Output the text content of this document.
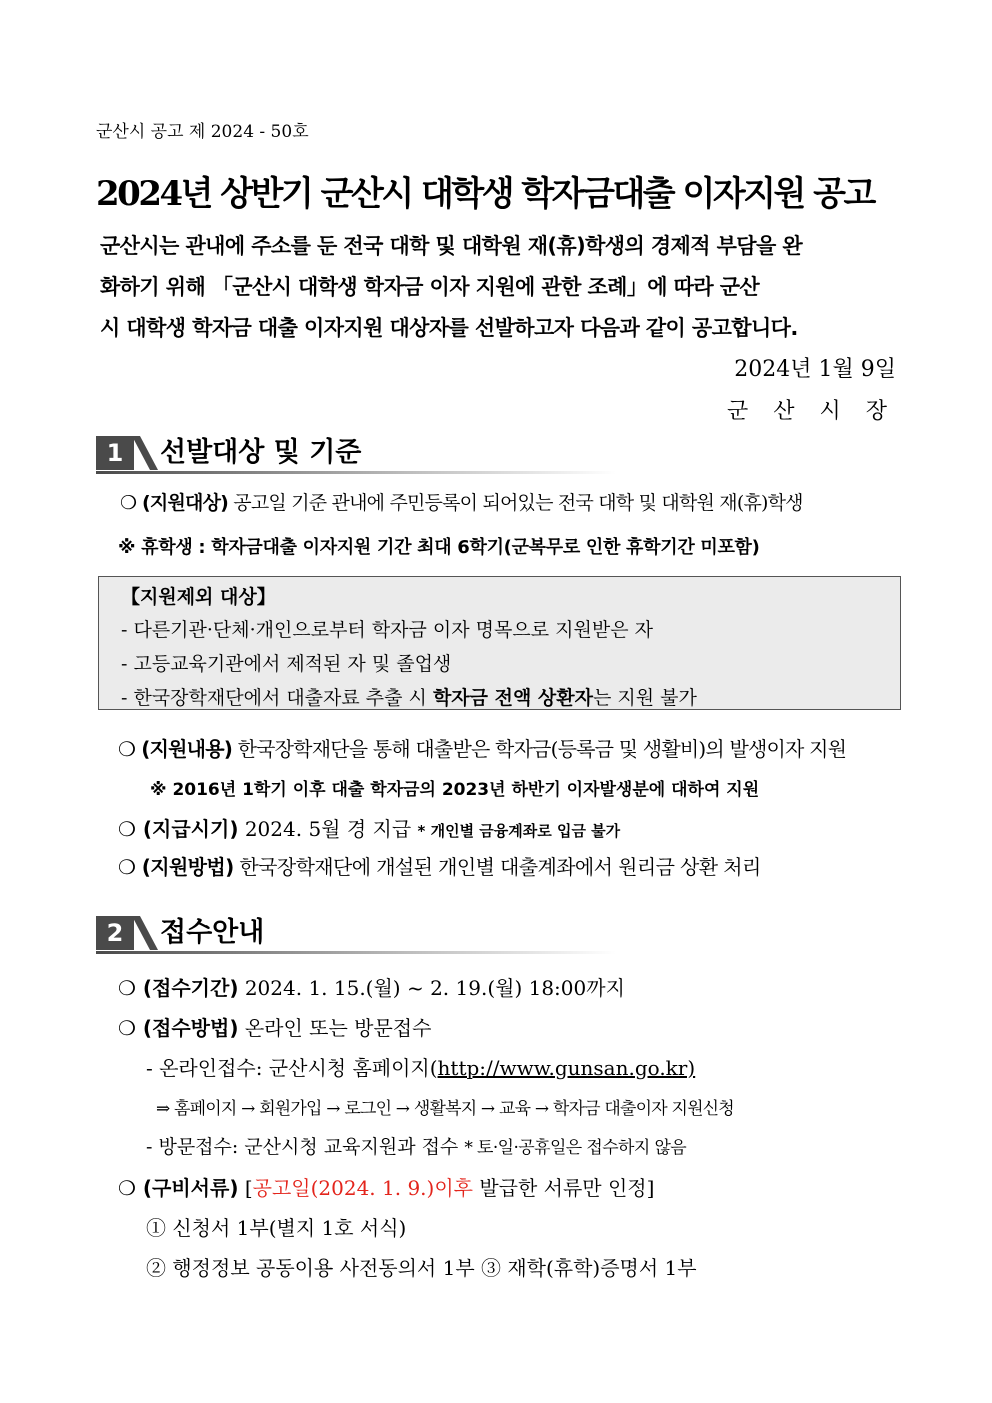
군산시 공고 제 2024 - 50호
2024년 상반기 군산시 대학생 학자금대출 이자지원 공고
군산시는 관내에 주소를 둔 전국 대학 및 대학원 재(휴)학생의 경제적 부담을 완
화하기 위해 「군산시 대학생 학자금 이자 지원에 관한 조례」에 따라 군산
시 대학생 학자금 대출 이자지원 대상자를 선발하고자 다음과 같이 공고합니다.
2024년 1월 9일
군 산 시 장
1	선발대상 및 기준
❍ (지원대상) 공고일 기준 관내에 주민등록이 되어있는 전국 대학 및 대학원 재(휴)학생
※ 휴학생 : 학자금대출 이자지원 기간 최대 6학기(군복무로 인한 휴학기간 미포함)
【지원제외 대상】
- 다른기관·단체·개인으로부터 학자금 이자 명목으로 지원받은 자
- 고등교육기관에서 제적된 자 및 졸업생
- 한국장학재단에서 대출자료 추출 시 학자금 전액 상환자는 지원 불가
❍ (지원내용) 한국장학재단을 통해 대출받은 학자금(등록금 및 생활비)의 발생이자 지원
※ 2016년 1학기 이후 대출 학자금의 2023년 하반기 이자발생분에 대하여 지원
❍ (지급시기) 2024. 5월 경 지급 * 개인별 금융계좌로 입금 불가
❍ (지원방법) 한국장학재단에 개설된 개인별 대출계좌에서 원리금 상환 처리
2	접수안내
❍ (접수기간) 2024. 1. 15.(월) ~ 2. 19.(월) 18:00까지
❍ (접수방법) 온라인 또는 방문접수
- 온라인접수: 군산시청 홈페이지(http://www.gunsan.go.kr)
⇒ 홈페이지 → 회원가입 → 로그인 → 생활복지 → 교육 → 학자금 대출이자 지원신청
- 방문접수: 군산시청 교육지원과 접수 * 토·일·공휴일은 접수하지 않음
❍ (구비서류) [공고일(2024. 1. 9.)이후 발급한 서류만 인정]
① 신청서 1부(별지 1호 서식)
② 행정정보 공동이용 사전동의서 1부 ③ 재학(휴학)증명서 1부
